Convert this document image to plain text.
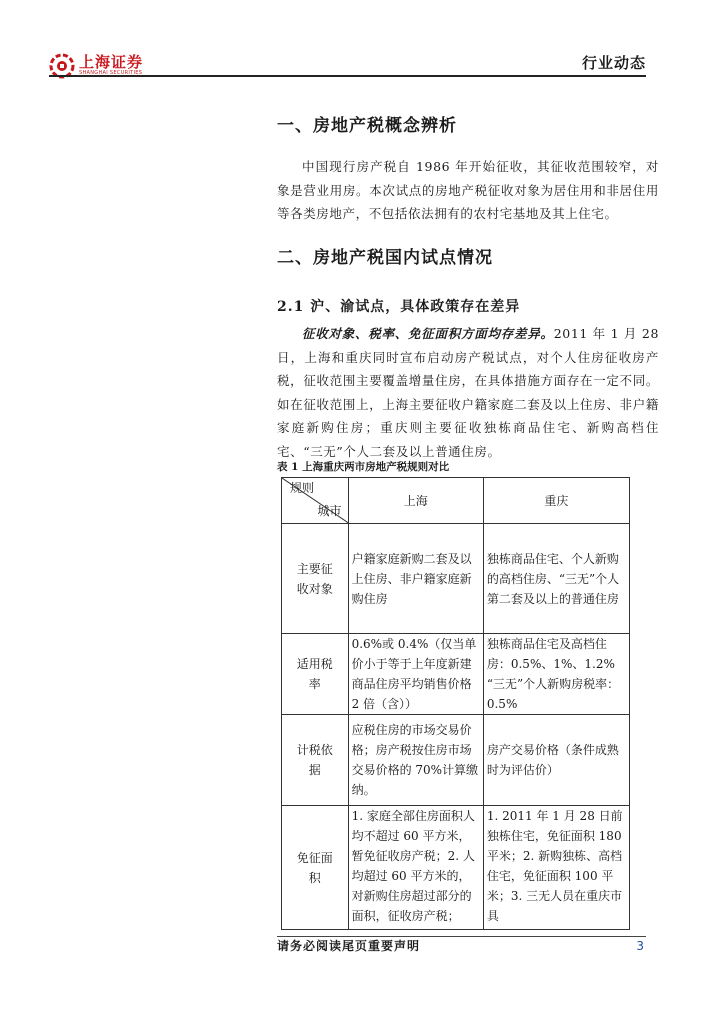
上海证券
SHANGHAI SECURITIES
行业动态
一、房地产税概念辨析

中国现行房产税自 1986 年开始征收，其征收范围较窄，对象是营业用房。本次试点的房地产税征收对象为居住用和非居住用等各类房地产，不包括依法拥有的农村宅基地及其上住宅。

二、房地产税国内试点情况
2.1 沪、渝试点，具体政策存在差异

征收对象、税率、免征面积方面均存差异。2011 年 1 月 28 日，上海和重庆同时宣布启动房产税试点，对个人住房征收房产税，征收范围主要覆盖增量住房，在具体措施方面存在一定不同。如在征收范围上，上海主要征收户籍家庭二套及以上住房、非户籍家庭新购住房；重庆则主要征收独栋商品住宅、新购高档住宅、“三无”个人二套及以上普通住房。

表 1 上海重庆两市房地产税规则对比
规则
城市	上海	重庆
主要征收对象	户籍家庭新购二套及以上住房、非户籍家庭新购住房	独栋商品住宅、个人新购的高档住房、“三无”个人第二套及以上的普通住房
适用税率	0.6%或 0.4%（仅当单价小于等于上年度新建商品住房平均销售价格 2 倍（含））	独栋商品住宅及高档住房：0.5%、1%、1.2% “三无”个人新购房税率：0.5%
计税依据	应税住房的市场交易价格；房产税按住房市场交易价格的 70%计算缴纳。	房产交易价格（条件成熟时为评估价）
免征面积	1. 家庭全部住房面积人均不超过 60 平方米，暂免征收房产税；2. 人均超过 60 平方米的，对新购住房超过部分的面积，征收房产税；	1. 2011 年 1 月 28 日前独栋住宅，免征面积 180 平米；2. 新购独栋、高档住宅，免征面积 100 平米；3. 三无人员在重庆市具
请务必阅读尾页重要声明	3
